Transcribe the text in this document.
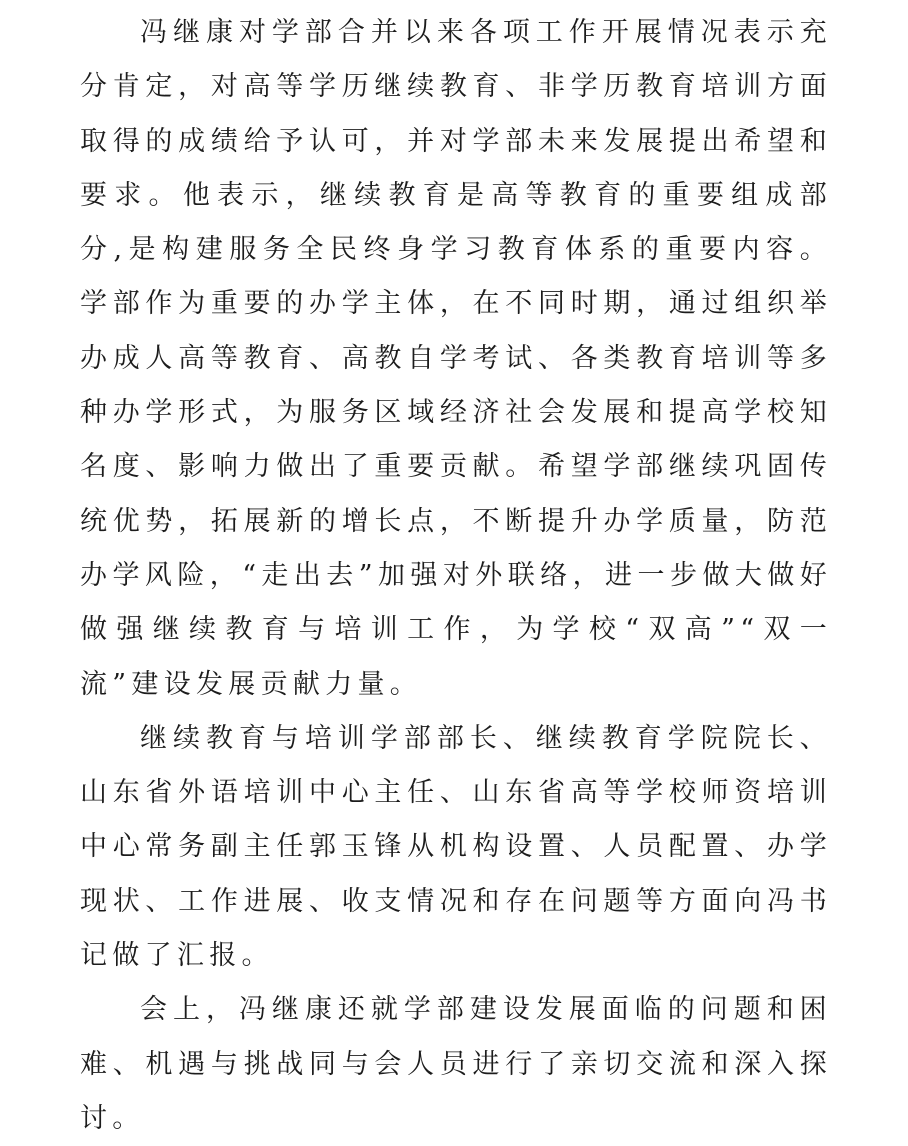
冯继康对学部合并以来各项工作开展情况表示充分肯定，对高等学历继续教育、非学历教育培训方面取得的成绩给予认可，并对学部未来发展提出希望和要求。他表示，继续教育是高等教育的重要组成部分,是构建服务全民终身学习教育体系的重要内容。学部作为重要的办学主体，在不同时期，通过组织举办成人高等教育、高教自学考试、各类教育培训等多种办学形式，为服务区域经济社会发展和提高学校知名度、影响力做出了重要贡献。希望学部继续巩固传统优势，拓展新的增长点，不断提升办学质量，防范办学风险，“走出去”加强对外联络，进一步做大做好做强继续教育与培训工作，为学校“双高”“双一流”建设发展贡献力量。

继续教育与培训学部部长、继续教育学院院长、山东省外语培训中心主任、山东省高等学校师资培训中心常务副主任郭玉锋从机构设置、人员配置、办学现状、工作进展、收支情况和存在问题等方面向冯书记做了汇报。

会上，冯继康还就学部建设发展面临的问题和困难、机遇与挑战同与会人员进行了亲切交流和深入探讨。
